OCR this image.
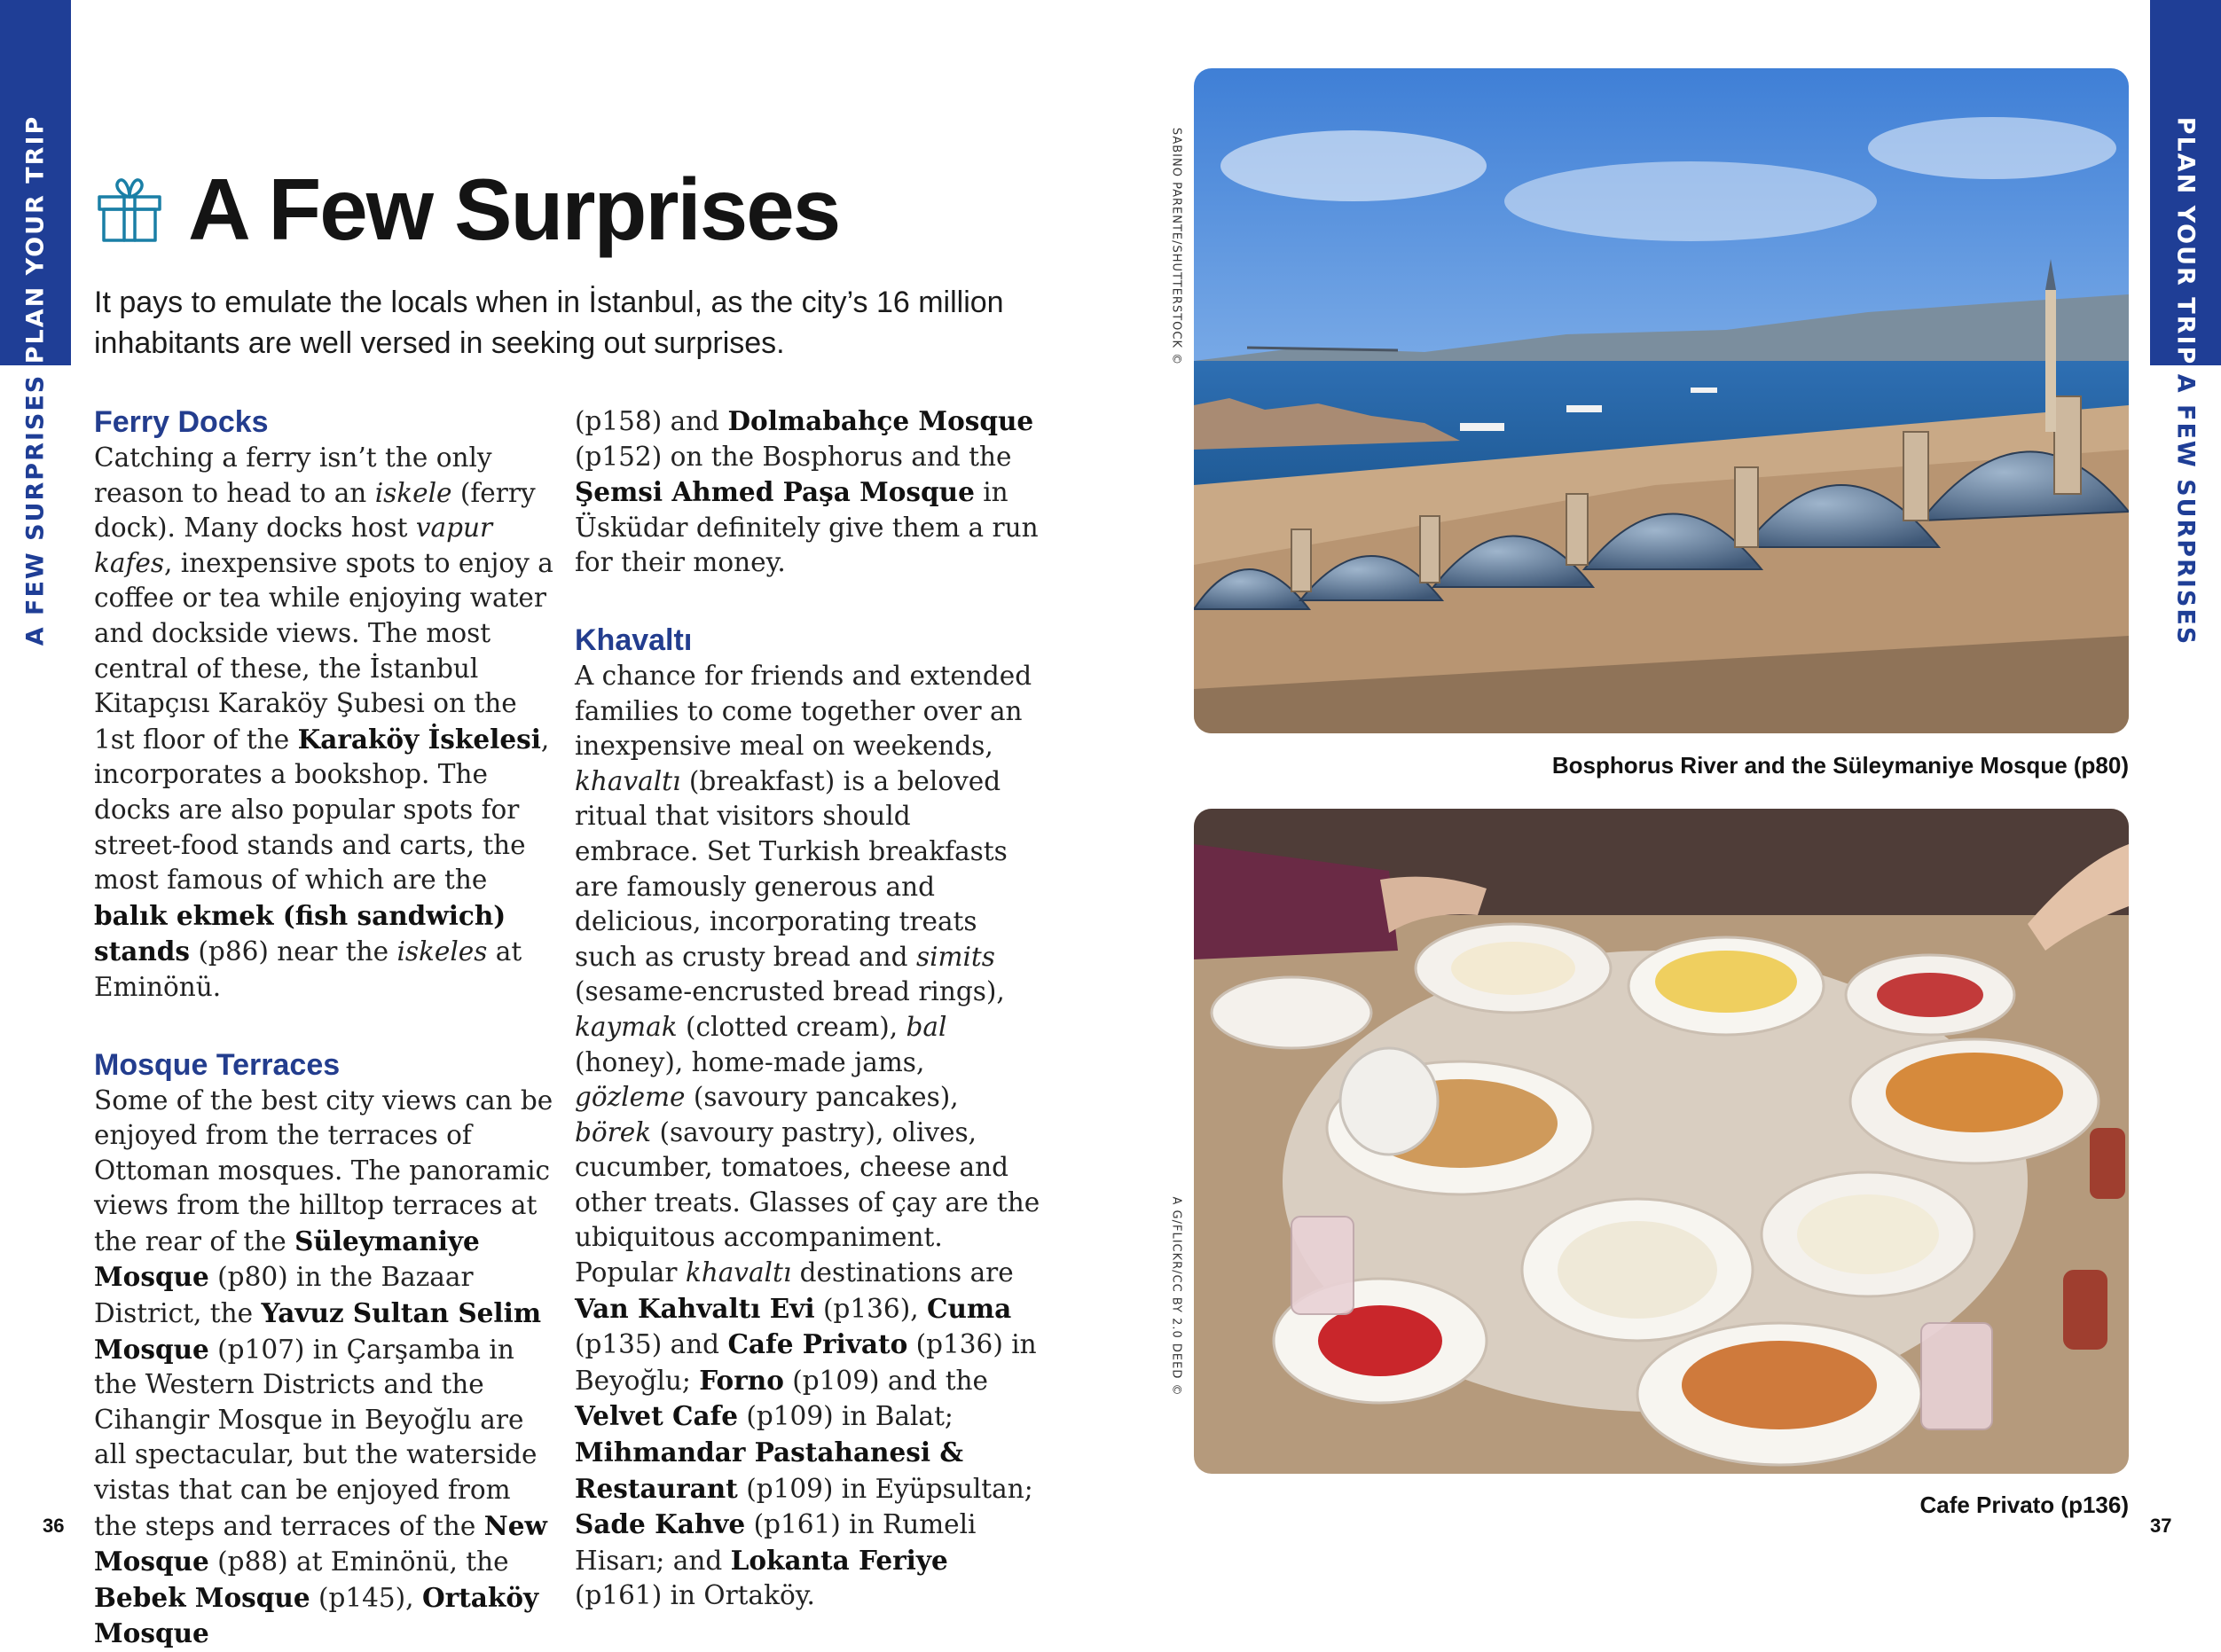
PLAN YOUR TRIP
A FEW SURPRISES
PLAN YOUR TRIP
A FEW SURPRISES
A Few Surprises

It pays to emulate the locals when in İstanbul, as the city’s 16 million inhabitants are well versed in seeking out surprises.

Ferry Docks

Catching a ferry isn’t the only reason to head to an iskele (ferry dock). Many docks host vapur kafes, inexpensive spots to enjoy a coffee or tea while enjoying water and dockside views. The most central of these, the İstanbul Kitapçısı Karaköy Şubesi on the 1st floor of the Karaköy İskelesi, incorporates a bookshop. The docks are also popular spots for street-food stands and carts, the most famous of which are the balık ekmek (fish sandwich) stands (p86) near the iskeles at Eminönü.

Mosque Terraces

Some of the best city views can be enjoyed from the terraces of Ottoman mosques. The panoramic views from the hilltop terraces at the rear of the Süleymaniye Mosque (p80) in the Bazaar District, the Yavuz Sultan Selim Mosque (p107) in Çarşamba in the Western Districts and the Cihangir Mosque in Beyoğlu are all spectacular, but the waterside vistas that can be enjoyed from the steps and terraces of the New Mosque (p88) at Eminönü, the Bebek Mosque (p145), Ortaköy Mosque

(p158) and Dolmabahçe Mosque (p152) on the Bosphorus and the Şemsi Ahmed Paşa Mosque in Üsküdar definitely give them a run for their money.

Khavaltı

A chance for friends and extended families to come together over an inexpensive meal on weekends, khavaltı (breakfast) is a beloved ritual that visitors should embrace. Set Turkish breakfasts are famously generous and delicious, incorporating treats such as crusty bread and simits (sesame-encrusted bread rings), kaymak (clotted cream), bal (honey), home-made jams, gözleme (savoury pancakes), börek (savoury pastry), olives, cucumber, tomatoes, cheese and other treats. Glasses of çay are the ubiquitous accompaniment. Popular khavaltı destinations are Van Kahvaltı Evi (p136), Cuma (p135) and Cafe Privato (p136) in Beyoğlu; Forno (p109) and the Velvet Cafe (p109) in Balat; Mihmandar Pastahanesi & Restaurant (p109) in Eyüpsultan; Sade Kahve (p161) in Rumeli Hisarı; and Lokanta Feriye (p161) in Ortaköy.

SABINO PARENTE/SHUTTERSTOCK ©
Bosphorus River and the Süleymaniye Mosque (p80)
A G/FLICKR/CC BY 2.0 DEED ©
Cafe Privato (p136)
36	37
